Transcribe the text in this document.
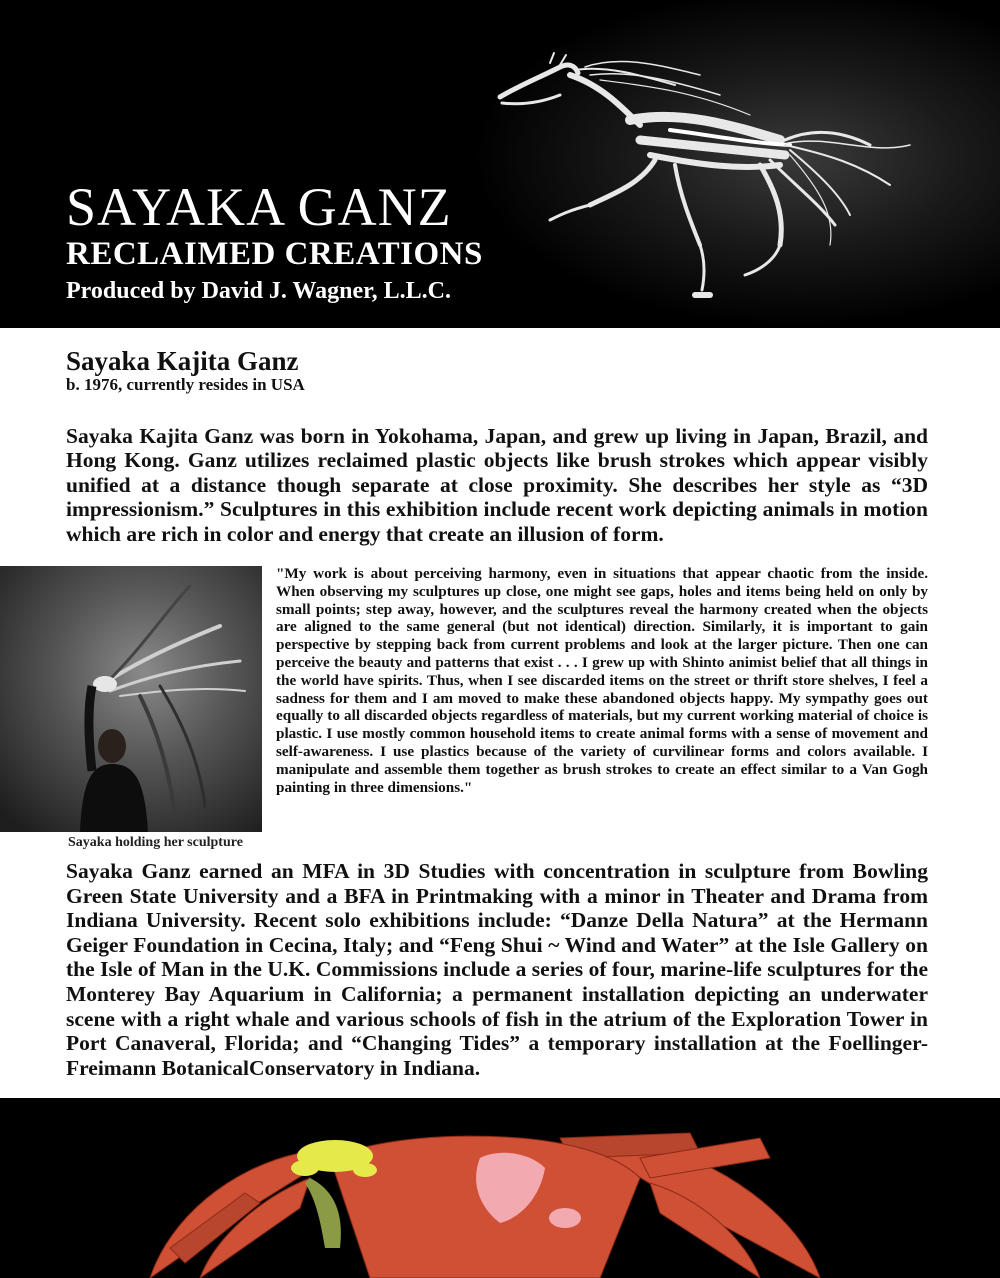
SAYAKA GANZ
RECLAIMED CREATIONS

Produced by David J. Wagner, L.L.C.

Sayaka Kajita Ganz

b. 1976, currently resides in USA

Sayaka Kajita Ganz was born in Yokohama, Japan, and grew up living in Japan, Brazil, and Hong Kong. Ganz utilizes reclaimed plastic objects like brush strokes which appear visibly unified at a distance though separate at close proximity. She describes her style as “3D impressionism.” Sculptures in this exhibition include recent work depicting animals in motion which are rich in color and energy that create an illusion of form.

Sayaka holding her sculpture

"My work is about perceiving harmony, even in situations that appear chaotic from the inside. When observing my sculptures up close, one might see gaps, holes and items being held on only by small points; step away, however, and the sculptures reveal the harmony created when the objects are aligned to the same general (but not identical) direction. Similarly, it is important to gain perspective by stepping back from current problems and look at the larger picture. Then one can perceive the beauty and patterns that exist . . . I grew up with Shinto animist belief that all things in the world have spirits. Thus, when I see discarded items on the street or thrift store shelves, I feel a sadness for them and I am moved to make these abandoned objects happy. My sympathy goes out equally to all discarded objects regardless of materials, but my current working material of choice is plastic. I use mostly common household items to create animal forms with a sense of movement and self-awareness. I use plastics because of the variety of curvilinear forms and colors available. I manipulate and assemble them together as brush strokes to create an effect similar to a Van Gogh painting in three dimensions."

Sayaka Ganz earned an MFA in 3D Studies with concentration in sculpture from Bowling Green State University and a BFA in Printmaking with a minor in Theater and Drama from Indiana University. Recent solo exhibitions include: “Danze Della Natura” at the Hermann Geiger Foundation in Cecina, Italy; and “Feng Shui ~ Wind and Water” at the Isle Gallery on the Isle of Man in the U.K. Commissions include a series of four, marine-life sculptures for the Monterey Bay Aquarium in California; a permanent installation depicting an underwater scene with a right whale and various schools of fish in the atrium of the Exploration Tower in Port Canaveral, Florida; and “Changing Tides” a temporary installation at the Foellinger-Freimann BotanicalConservatory in Indiana.
